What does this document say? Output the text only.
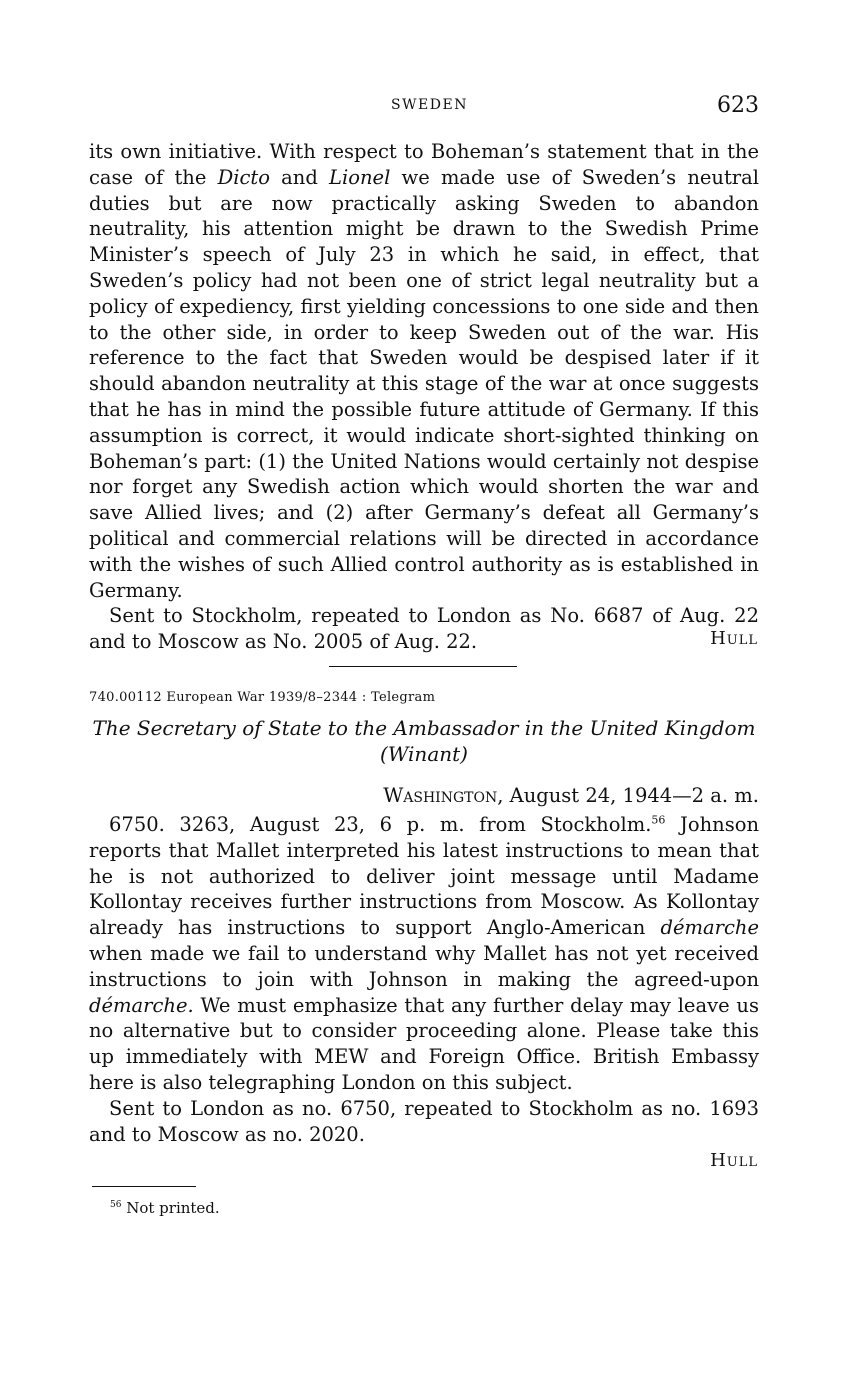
SWEDEN	623

its own initiative. With respect to Boheman’s statement that in the case of the Dicto and Lionel we made use of Sweden’s neutral duties but are now practically asking Sweden to abandon neutrality, his attention might be drawn to the Swedish Prime Minister’s speech of July 23 in which he said, in effect, that Sweden’s policy had not been one of strict legal neutrality but a policy of expediency, first yielding concessions to one side and then to the other side, in order to keep Sweden out of the war. His reference to the fact that Sweden would be despised later if it should abandon neutrality at this stage of the war at once suggests that he has in mind the possible future attitude of Germany. If this assumption is correct, it would indicate short-sighted thinking on Boheman’s part: (1) the United Nations would certainly not despise nor forget any Swedish action which would shorten the war and save Allied lives; and (2) after Germany’s defeat all Germany’s political and commercial relations will be directed in accordance with the wishes of such Allied control authority as is established in Germany.

Sent to Stockholm, repeated to London as No. 6687 of Aug. 22 and to Moscow as No. 2005 of Aug. 22.	Hull
740.00112 European War 1939/8–2344 : Telegram
The Secretary of State to the Ambassador in the United Kingdom
(Winant)
Washington, August 24, 1944—2 a. m.

6750. 3263, August 23, 6 p. m. from Stockholm.$^{56}$ Johnson reports that Mallet interpreted his latest instructions to mean that he is not authorized to deliver joint message until Madame Kollontay receives further instructions from Moscow. As Kollontay already has instructions to support Anglo-American démarche when made we fail to understand why Mallet has not yet received instructions to join with Johnson in making the agreed-upon démarche. We must emphasize that any further delay may leave us no alternative but to consider proceeding alone. Please take this up immediately with MEW and Foreign Office. British Embassy here is also telegraphing London on this subject.

Sent to London as no. 6750, repeated to Stockholm as no. 1693 and to Moscow as no. 2020.

Hull
$^{56}$ Not printed.
